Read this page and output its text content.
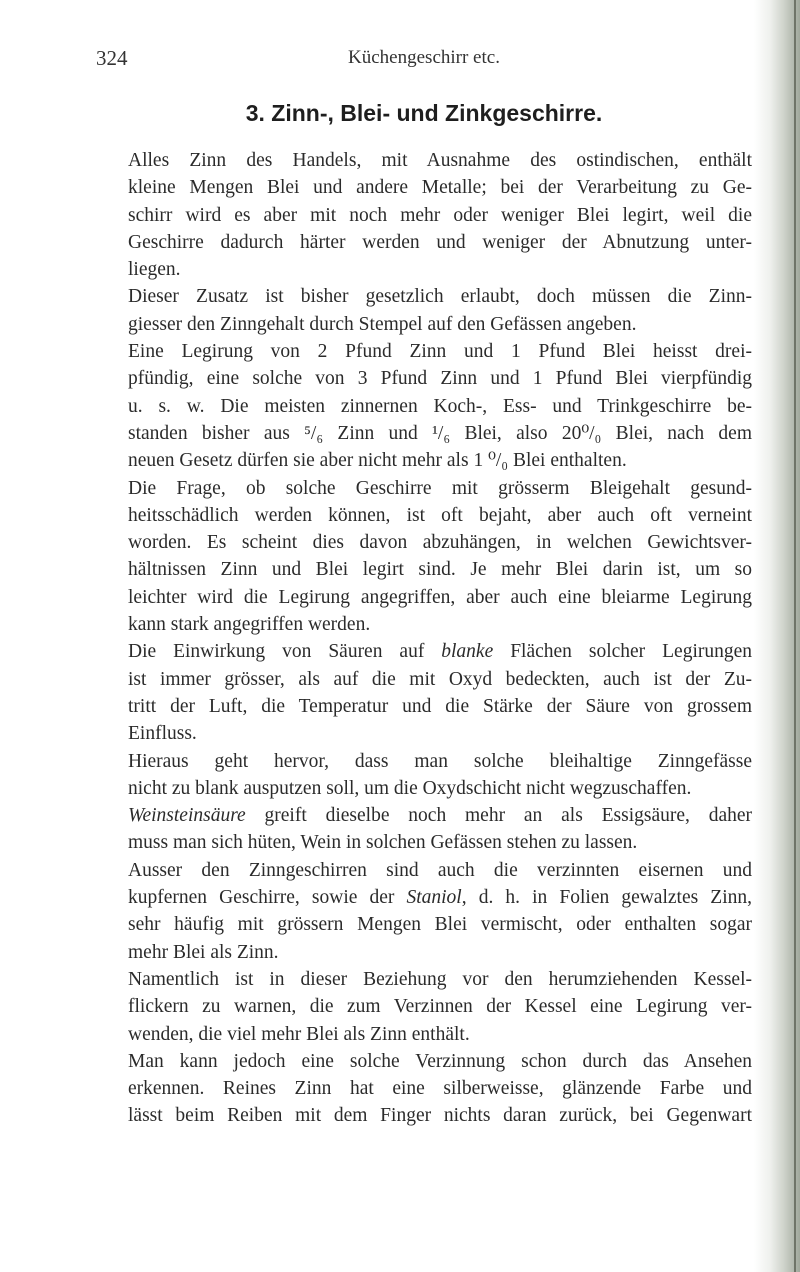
324	Küchengeschirr etc.
3. Zinn-, Blei- und Zinkgeschirre.

Alles Zinn des Handels, mit Ausnahme des ostindischen, enthält
kleine Mengen Blei und andere Metalle; bei der Verarbeitung zu Ge-
schirr wird es aber mit noch mehr oder weniger Blei legirt, weil die
Geschirre dadurch härter werden und weniger der Abnutzung unter-
liegen.

Dieser Zusatz ist bisher gesetzlich erlaubt, doch müssen die Zinn-
giesser den Zinngehalt durch Stempel auf den Gefässen angeben.

Eine Legirung von 2 Pfund Zinn und 1 Pfund Blei heisst drei-
pfündig, eine solche von 3 Pfund Zinn und 1 Pfund Blei vierpfündig
u. s. w. Die meisten zinnernen Koch-, Ess- und Trinkgeschirre be-
standen bisher aus ⁵/₆ Zinn und ¹/₆ Blei, also 20⁰/₀ Blei, nach dem
neuen Gesetz dürfen sie aber nicht mehr als 1 ⁰/₀ Blei enthalten.

Die Frage, ob solche Geschirre mit grösserm Bleigehalt gesund-
heitsschädlich werden können, ist oft bejaht, aber auch oft verneint
worden. Es scheint dies davon abzuhängen, in welchen Gewichtsver-
hältnissen Zinn und Blei legirt sind. Je mehr Blei darin ist, um so
leichter wird die Legirung angegriffen, aber auch eine bleiarme Legirung
kann stark angegriffen werden.

Die Einwirkung von Säuren auf blanke Flächen solcher Legirungen
ist immer grösser, als auf die mit Oxyd bedeckten, auch ist der Zu-
tritt der Luft, die Temperatur und die Stärke der Säure von grossem
Einfluss.

Hieraus geht hervor, dass man solche bleihaltige Zinngefässe
nicht zu blank ausputzen soll, um die Oxydschicht nicht wegzuschaffen.

Weinsteinsäure greift dieselbe noch mehr an als Essigsäure, daher
muss man sich hüten, Wein in solchen Gefässen stehen zu lassen.

Ausser den Zinngeschirren sind auch die verzinnten eisernen und
kupfernen Geschirre, sowie der Staniol, d. h. in Folien gewalztes Zinn,
sehr häufig mit grössern Mengen Blei vermischt, oder enthalten sogar
mehr Blei als Zinn.

Namentlich ist in dieser Beziehung vor den herumziehenden Kessel-
flickern zu warnen, die zum Verzinnen der Kessel eine Legirung ver-
wenden, die viel mehr Blei als Zinn enthält.

Man kann jedoch eine solche Verzinnung schon durch das Ansehen
erkennen. Reines Zinn hat eine silberweisse, glänzende Farbe und
lässt beim Reiben mit dem Finger nichts daran zurück, bei Gegenwart
